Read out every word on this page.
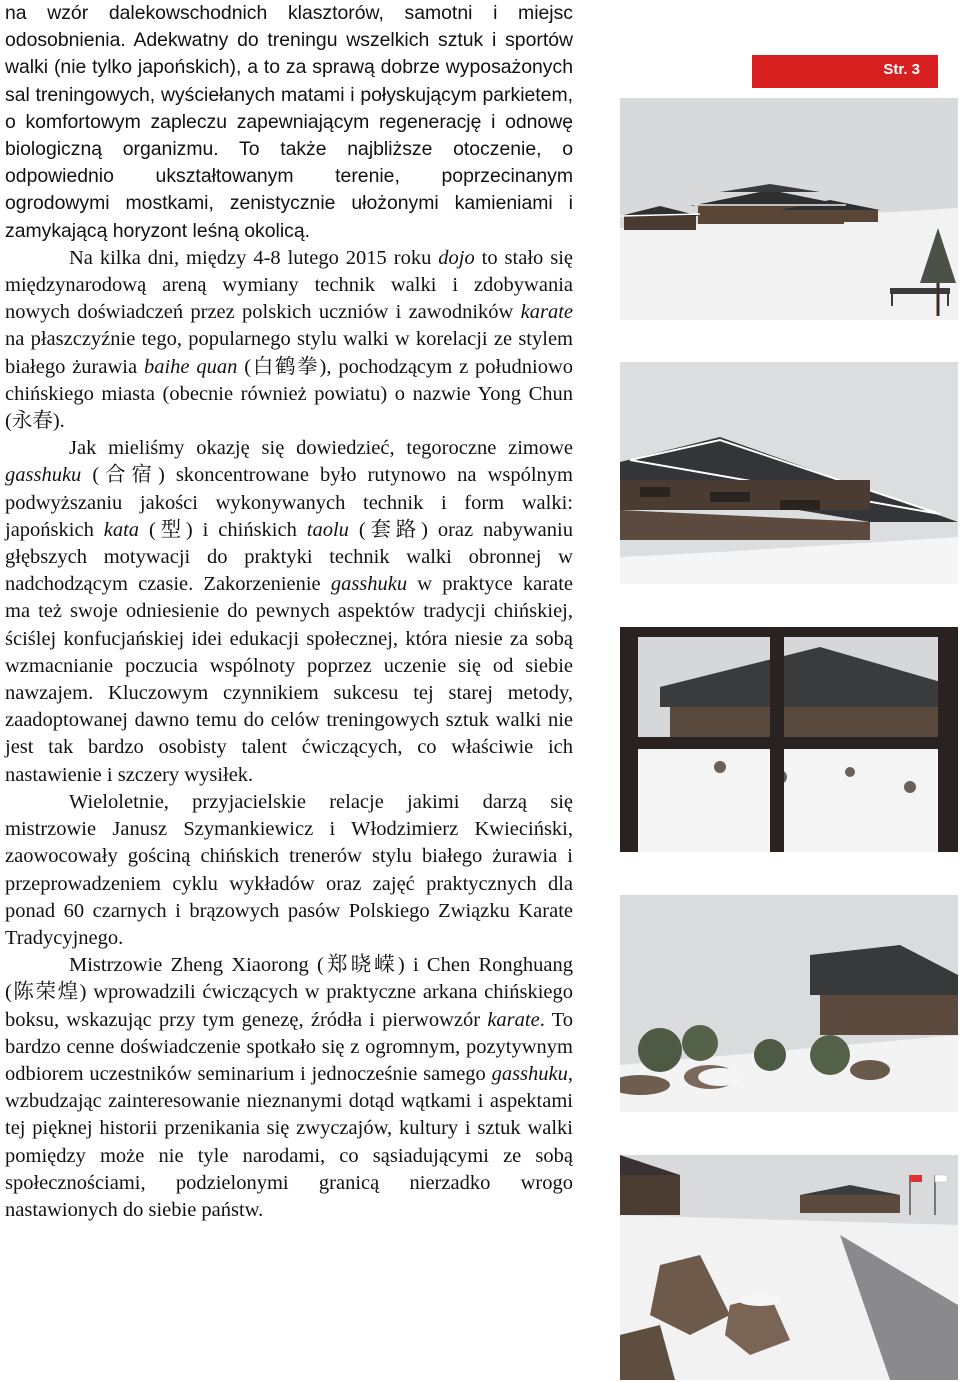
Str. 3

na wzór dalekowschodnich klasztorów, samotni i miejsc odosobnienia. Adekwatny do treningu wszelkich sztuk i sportów walki (nie tylko japońskich), a to za sprawą dobrze wyposażonych sal treningowych, wyściełanych matami i połyskującym parkietem, o komfortowym zapleczu zapewniającym regenerację i odnowę biologiczną organizmu. To także najbliższe otoczenie, o odpowiednio ukształtowanym terenie, poprzecinanym ogrodowymi mostkami, zenistycznie ułożonymi kamieniami i zamykającą horyzont leśną okolicą.

Na kilka dni, między 4-8 lutego 2015 roku dojo to stało się międzynarodową areną wymiany technik walki i zdobywania nowych doświadczeń przez polskich uczniów i zawodników karate na płaszczyźnie tego, popularnego stylu walki w korelacji ze stylem białego żurawia baihe quan (白鹤拳), pochodzącym z południowo chińskiego miasta (obecnie również powiatu) o nazwie Yong Chun (永春).

Jak mieliśmy okazję się dowiedzieć, tegoroczne zimowe gasshuku (合宿) skoncentrowane było rutynowo na wspólnym podwyższaniu jakości wykonywanych technik i form walki: japońskich kata (型) i chińskich taolu (套路) oraz nabywaniu głębszych motywacji do praktyki technik walki obronnej w nadchodzącym czasie. Zakorzenienie gasshuku w praktyce karate ma też swoje odniesienie do pewnych aspektów tradycji chińskiej, ściślej konfucjańskiej idei edukacji społecznej, która niesie za sobą wzmacnianie poczucia wspólnoty poprzez uczenie się od siebie nawzajem. Kluczowym czynnikiem sukcesu tej starej metody, zaadoptowanej dawno temu do celów treningowych sztuk walki nie jest tak bardzo osobisty talent ćwiczących, co właściwie ich nastawienie i szczery wysiłek.

Wieloletnie, przyjacielskie relacje jakimi darzą się mistrzowie Janusz Szymankiewicz i Włodzimierz Kwieciński, zaowocowały gościną chińskich trenerów stylu białego żurawia i przeprowadzeniem cyklu wykładów oraz zajęć praktycznych dla ponad 60 czarnych i brązowych pasów Polskiego Związku Karate Tradycyjnego.

Mistrzowie Zheng Xiaorong (郑晓嵘) i Chen Ronghuang (陈荣煌) wprowadzili ćwiczących w praktyczne arkana chińskiego boksu, wskazując przy tym genezę, źródła i pierwowzór karate. To bardzo cenne doświadczenie spotkało się z ogromnym, pozytywnym odbiorem uczestników seminarium i jednocześnie samego gasshuku, wzbudzając zainteresowanie nieznanymi dotąd wątkami i aspektami tej pięknej historii przenikania się zwyczajów, kultury i sztuk walki pomiędzy może nie tyle narodami, co sąsiadującymi ze sobą społecznościami, podzielonymi granicą nierzadko wrogo nastawionych do siebie państw.
